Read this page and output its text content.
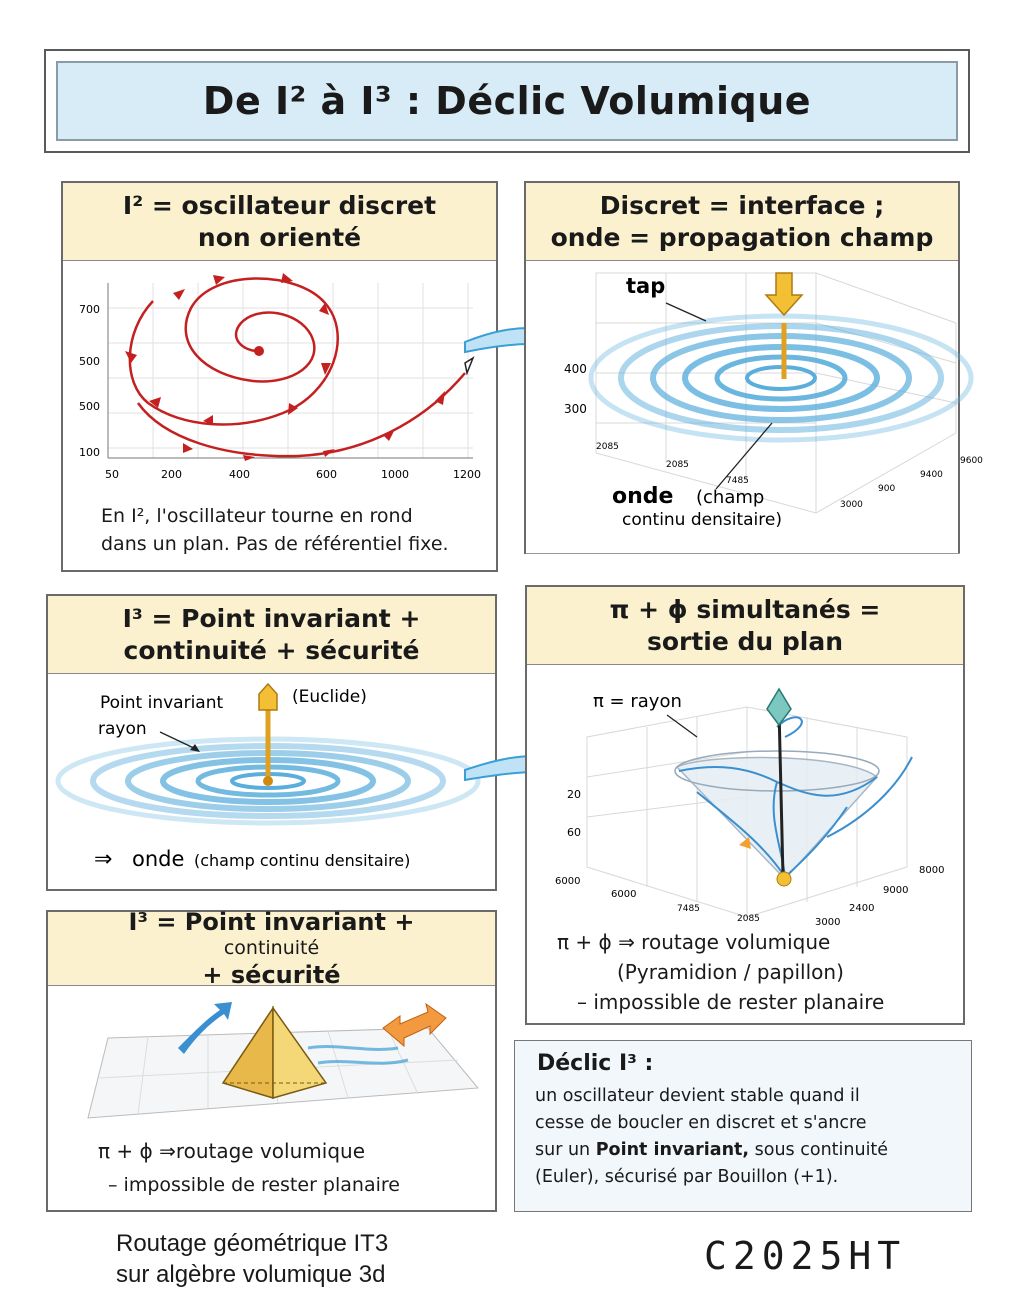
De I² à I³ : Déclic Volumique
I² = oscillateur discret
non orienté
700
500
500
100
50	200	400	600	1000	1200
En I², l'oscillateur tourne en rond
dans un plan. Pas de référentiel fixe.
Discret = interface ;
onde = propagation champ
tap
400
300
2085
2085
7485
9400
9600
900
3000
onde (champ
continu densitaire)
I³ = Point invariant +
continuité + sécurité
Point invariant	(Euclide)
rayon
⇒ onde (champ continu densitaire)
π + ϕ simultanés =
sortie du plan
π = rayon
20
60
6000
6000
7485
2085
8000
9000
2400
3000
π + ϕ ⇒ routage volumique
(Pyramidion / papillon)
– impossible de rester planaire
I³ = Point invariant +
continuité
+ sécurité
π + ϕ ⇒routage volumique
– impossible de rester planaire
Déclic I³ :
un oscillateur devient stable quand il
cesse de boucler en discret et s'ancre
sur un Point invariant, sous continuité
(Euler), sécurisé par Bouillon (+1).
Routage géométrique IT3
sur algèbre volumique 3d	C2025HT
